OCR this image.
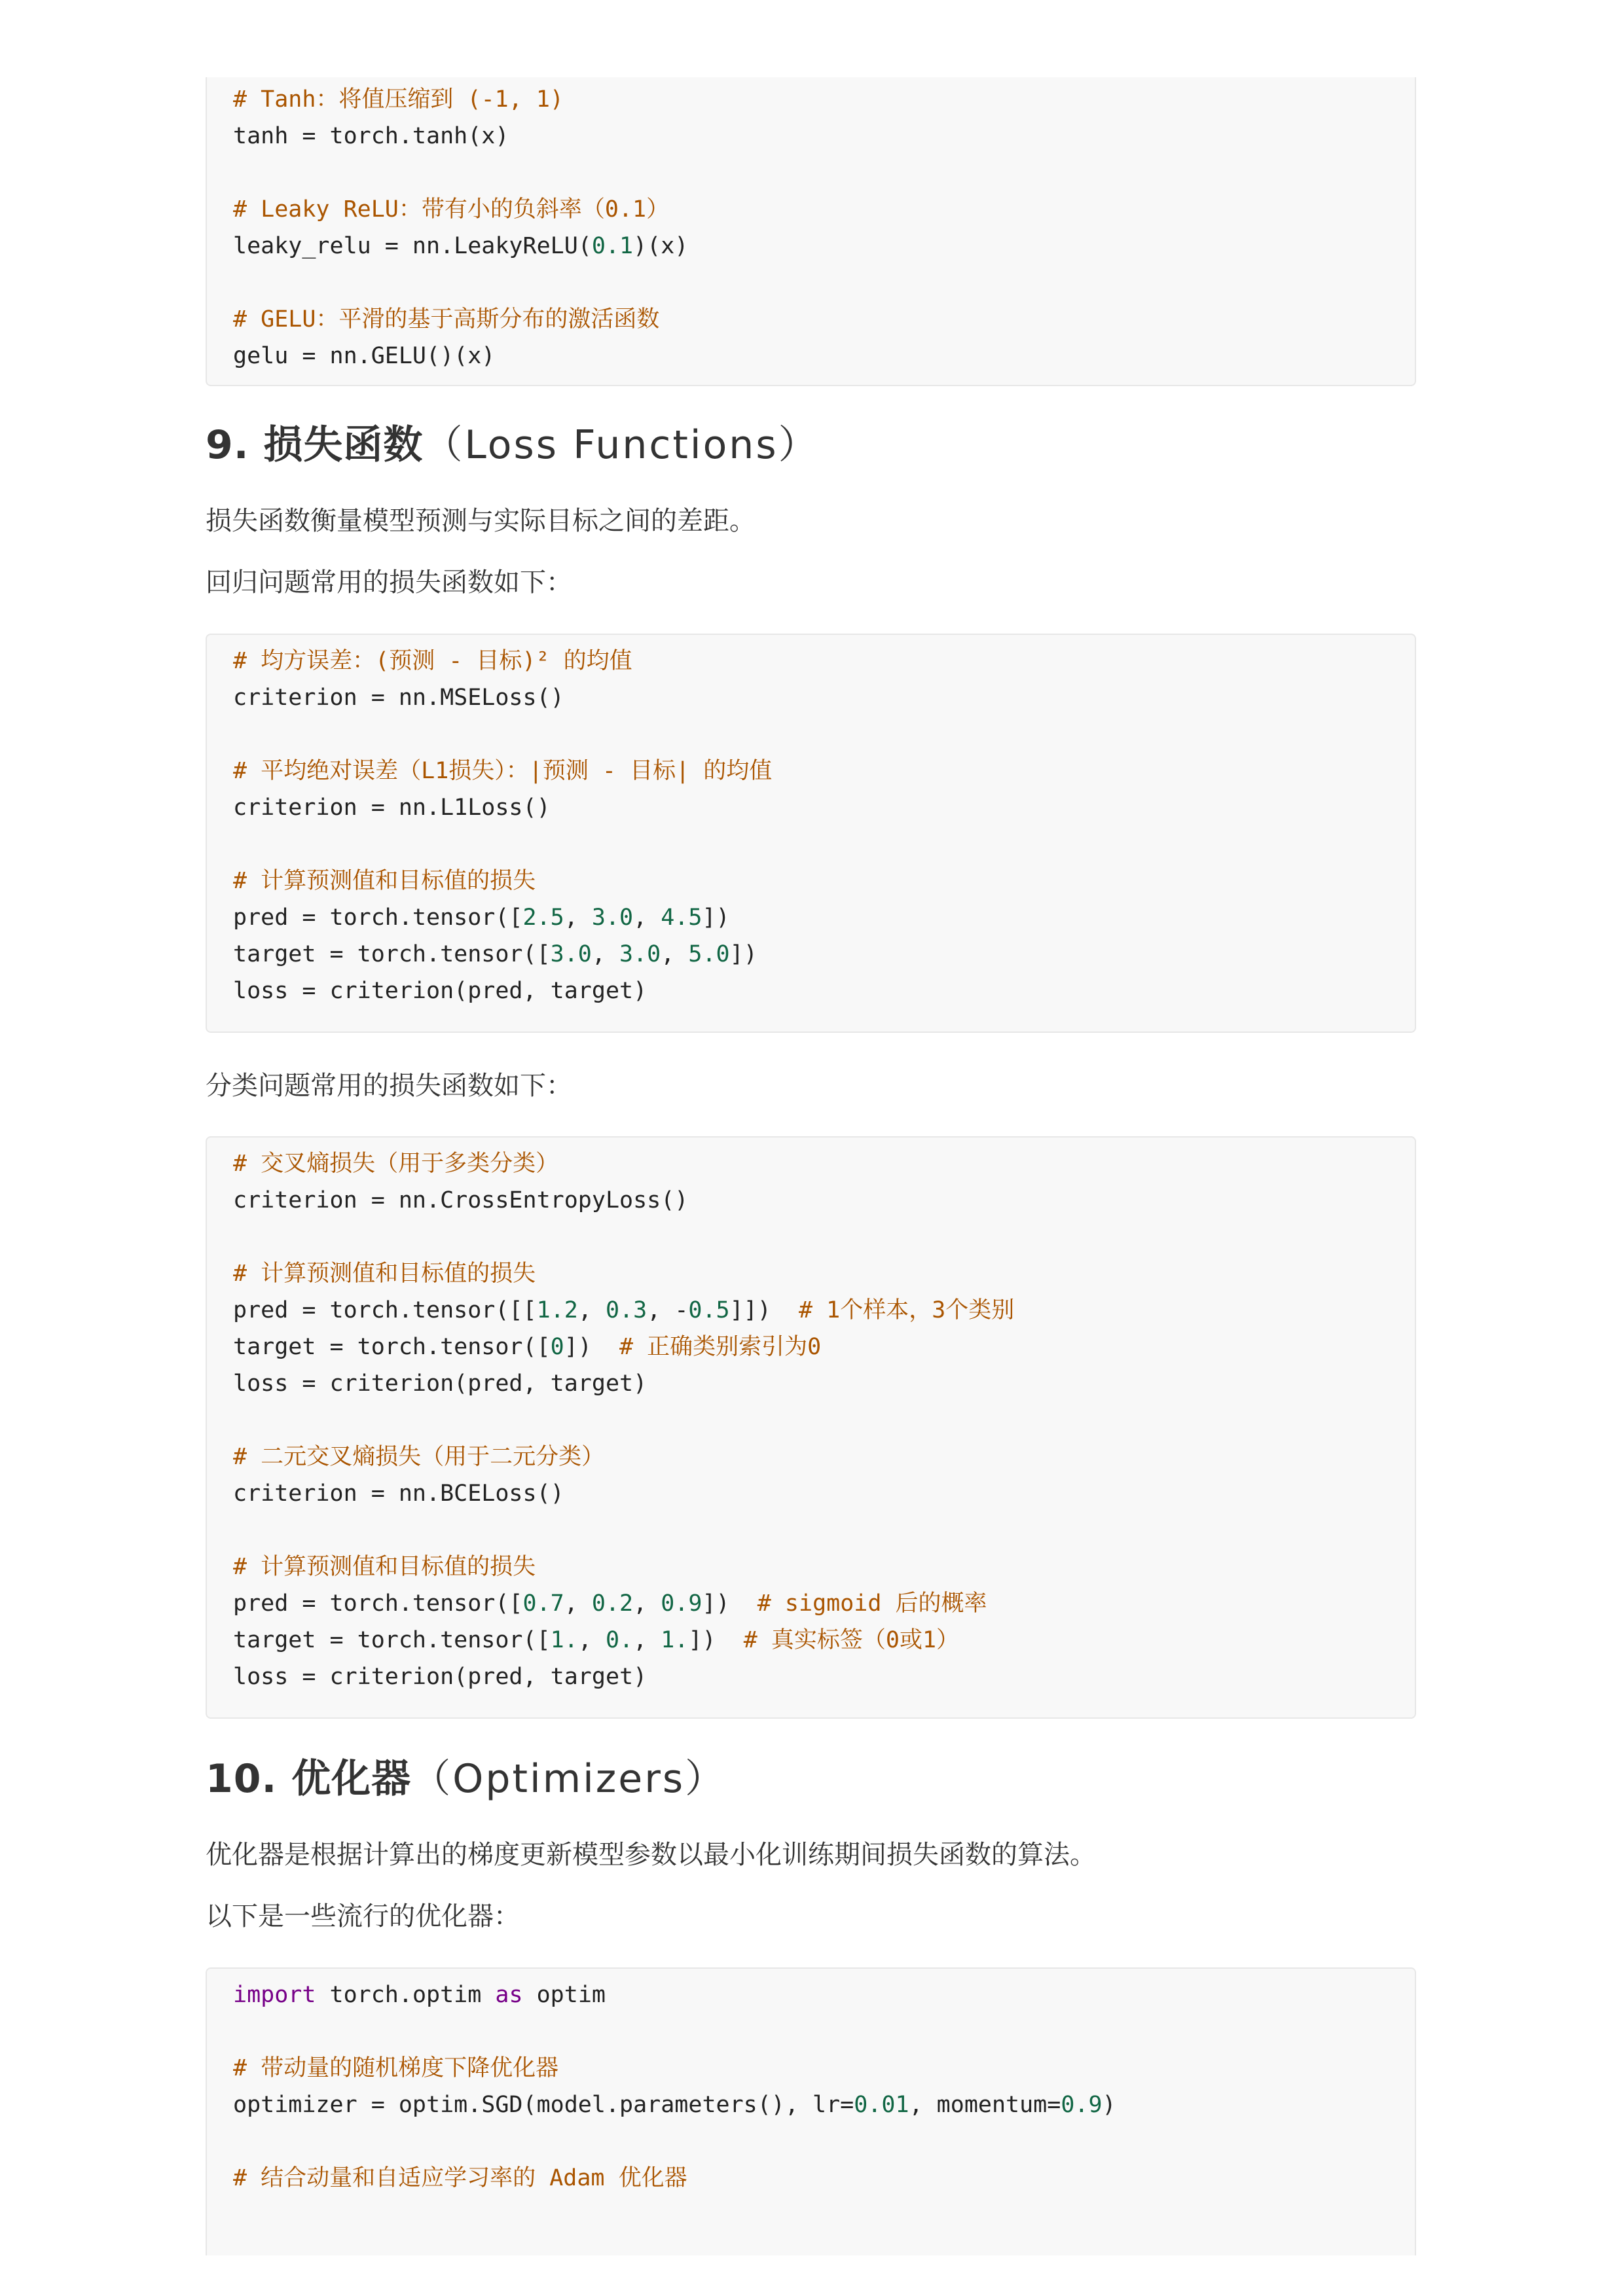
# Tanh：将值压缩到 (-1, 1)
tanh = torch.tanh(x)

# Leaky ReLU：带有小的负斜率（0.1）
leaky_relu = nn.LeakyReLU(0.1)(x)

# GELU：平滑的基于高斯分布的激活函数
gelu = nn.GELU()(x)
9. 损失函数（Loss Functions）

损失函数衡量模型预测与实际目标之间的差距。

回归问题常用的损失函数如下：

# 均方误差：(预测 - 目标)² 的均值
criterion = nn.MSELoss()

# 平均绝对误差（L1损失）：|预测 - 目标| 的均值
criterion = nn.L1Loss()

# 计算预测值和目标值的损失
pred = torch.tensor([2.5, 3.0, 4.5])
target = torch.tensor([3.0, 3.0, 5.0])
loss = criterion(pred, target)

分类问题常用的损失函数如下：

# 交叉熵损失（用于多类分类）
criterion = nn.CrossEntropyLoss()

# 计算预测值和目标值的损失
pred = torch.tensor([[1.2, 0.3, -0.5]])  # 1个样本，3个类别
target = torch.tensor([0])  # 正确类别索引为0
loss = criterion(pred, target)

# 二元交叉熵损失（用于二元分类）
criterion = nn.BCELoss()

# 计算预测值和目标值的损失
pred = torch.tensor([0.7, 0.2, 0.9])  # sigmoid 后的概率
target = torch.tensor([1., 0., 1.])  # 真实标签（0或1）
loss = criterion(pred, target)
10. 优化器（Optimizers）

优化器是根据计算出的梯度更新模型参数以最小化训练期间损失函数的算法。

以下是一些流行的优化器：

import torch.optim as optim

# 带动量的随机梯度下降优化器
optimizer = optim.SGD(model.parameters(), lr=0.01, momentum=0.9)

# 结合动量和自适应学习率的 Adam 优化器
